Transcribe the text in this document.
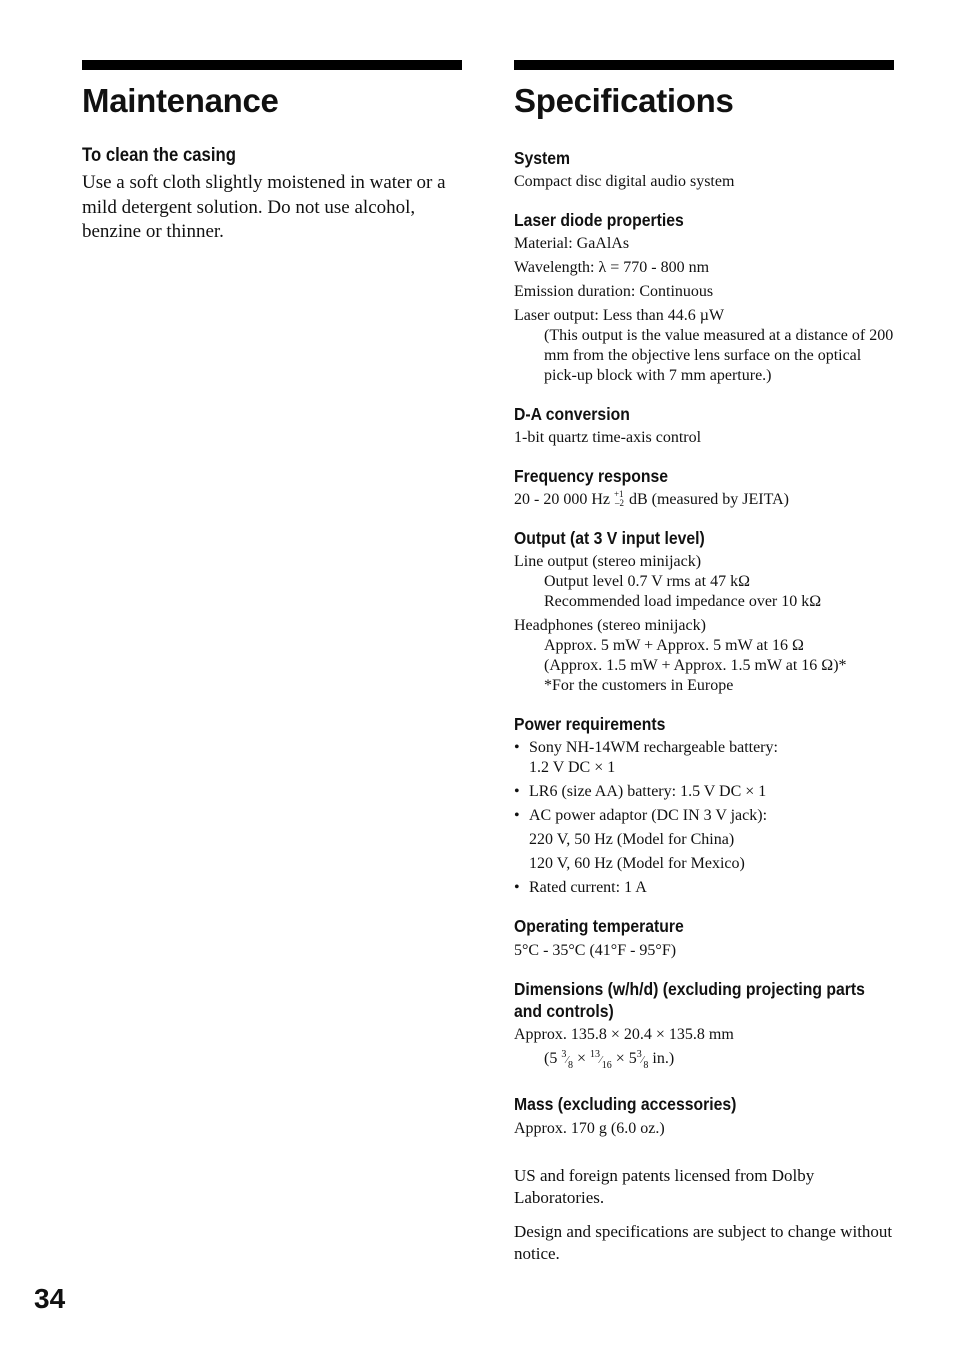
Maintenance
To clean the casing
Use a soft cloth slightly moistened in water or a mild detergent solution. Do not use alcohol, benzine or thinner.
Specifications
System
Compact disc digital audio system
Laser diode properties
Material: GaAlAs
Wavelength: λ = 770 - 800 nm
Emission duration: Continuous
Laser output: Less than 44.6 µW
(This output is the value measured at a distance of 200 mm from the objective lens surface on the optical pick-up block with 7 mm aperture.)
D-A conversion
1-bit quartz time-axis control
Frequency response
20 - 20 000 Hz +1
–2 dB (measured by JEITA)
Output (at 3 V input level)
Line output (stereo minijack)
Output level 0.7 V rms at 47 kΩ
Recommended load impedance over 10 kΩ
Headphones (stereo minijack)
Approx. 5 mW + Approx. 5 mW at 16 Ω
(Approx. 1.5 mW + Approx. 1.5 mW at 16 Ω)*
*For the customers in Europe
Power requirements
• Sony NH-14WM rechargeable battery:
1.2 V DC × 1
• LR6 (size AA) battery: 1.5 V DC × 1
• AC power adaptor (DC IN 3 V jack):
220 V, 50 Hz (Model for China)
120 V, 60 Hz (Model for Mexico)
• Rated current: 1 A
Operating temperature
5°C - 35°C (41°F - 95°F)
Dimensions (w/h/d) (excluding projecting parts and controls)
Approx. 135.8 × 20.4 × 135.8 mm
(5 3⁄8 × 13⁄16 × 53⁄8 in.)
Mass (excluding accessories)
Approx. 170 g (6.0 oz.)
US and foreign patents licensed from Dolby Laboratories.
Design and specifications are subject to change without notice.
34
